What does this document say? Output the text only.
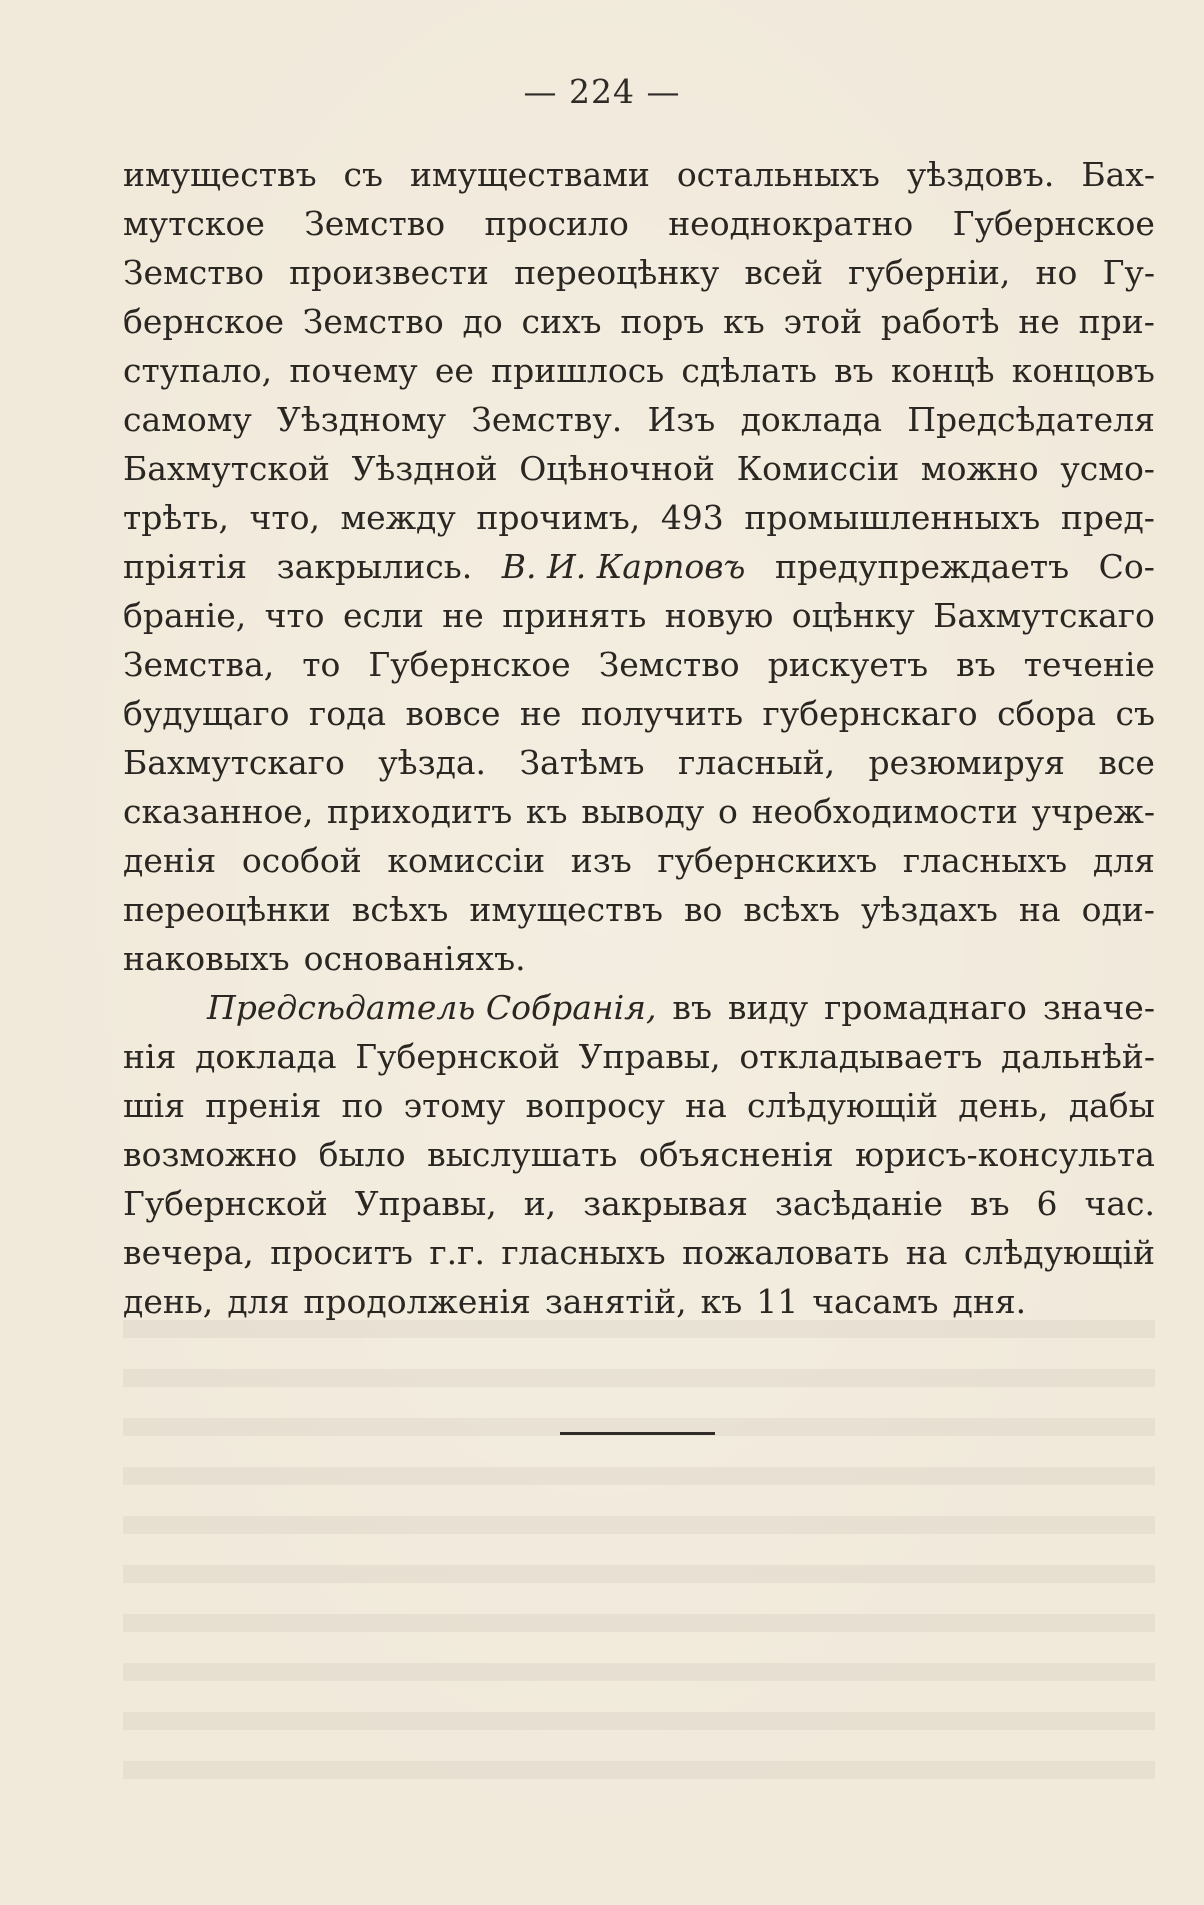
— 224 —
имуществъ съ имуществами остальныхъ уѣздовъ. Бах-
мутское Земство просило неоднократно Губернское
Земство произвести переоцѣнку всей губерніи, но Гу-
бернское Земство до сихъ поръ къ этой работѣ не при-
ступало, почему ее пришлось сдѣлать въ концѣ концовъ
самому Уѣздному Земству. Изъ доклада Предсѣдателя
Бахмутской Уѣздной Оцѣночной Комиссіи можно усмо-
трѣть, что, между прочимъ, 493 промышленныхъ пред-
пріятія закрылись. В. И. Карповъ предупреждаетъ Со-
браніе, что если не принять новую оцѣнку Бахмутскаго
Земства, то Губернское Земство рискуетъ въ теченіе
будущаго года вовсе не получить губернскаго сбора съ
Бахмутскаго уѣзда. Затѣмъ гласный, резюмируя все
сказанное, приходитъ къ выводу о необходимости учреж-
денія особой комиссіи изъ губернскихъ гласныхъ для
переоцѣнки всѣхъ имуществъ во всѣхъ уѣздахъ на оди-
наковыхъ основаніяхъ.
Предсѣдатель Собранія, въ виду громаднаго значе-
нія доклада Губернской Управы, откладываетъ дальнѣй-
шія пренія по этому вопросу на слѣдующій день, дабы
возможно было выслушать объясненія юрисъ-консульта
Губернской Управы, и, закрывая засѣданіе въ 6 час.
вечера, проситъ г.г. гласныхъ пожаловать на слѣдующій
день, для продолженія занятій, къ 11 часамъ дня.
